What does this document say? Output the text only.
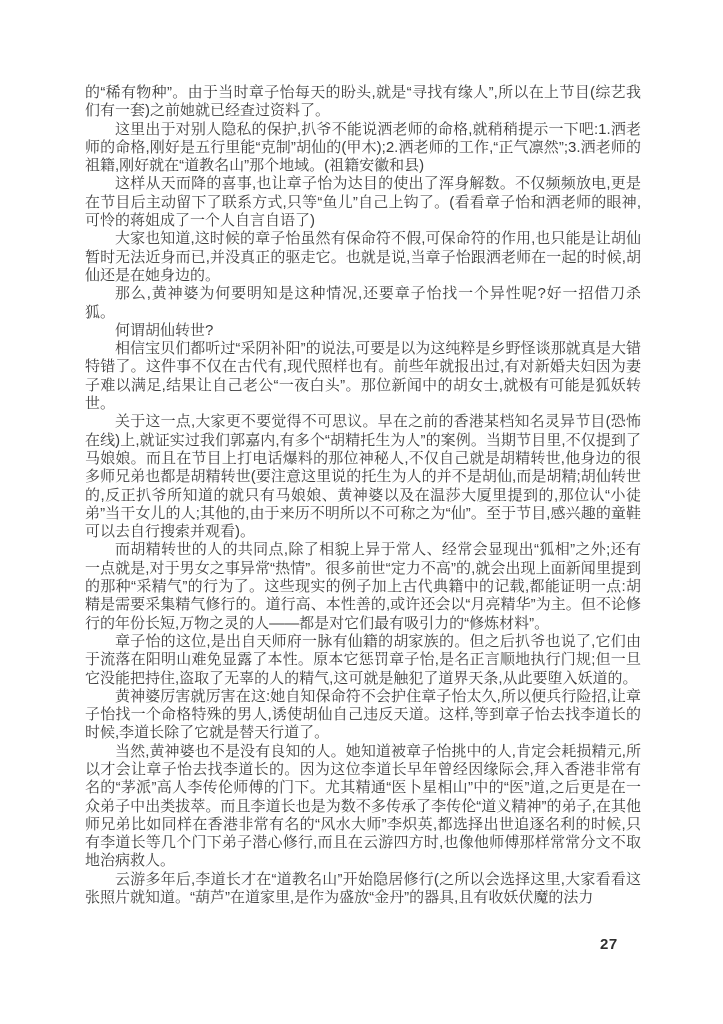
的“稀有物种”。由于当时章子怡每天的盼头,就是“寻找有缘人”,所以在上节目(综艺我们有一套)之前她就已经查过资料了。

这里出于对别人隐私的保护,扒爷不能说洒老师的命格,就稍稍提示一下吧:1.洒老师的命格,刚好是五行里能“克制”胡仙的(甲木);2.洒老师的工作,“正气凛然”;3.洒老师的祖籍,刚好就在“道教名山”那个地域。(祖籍安徽和县)

这样从天而降的喜事,也让章子怡为达目的使出了浑身解数。不仅频频放电,更是在节目后主动留下了联系方式,只等“鱼儿”自己上钩了。(看看章子怡和洒老师的眼神,可怜的蒋姐成了一个人自言自语了)

大家也知道,这时候的章子怡虽然有保命符不假,可保命符的作用,也只能是让胡仙暂时无法近身而已,并没真正的驱走它。也就是说,当章子怡跟洒老师在一起的时候,胡仙还是在她身边的。

那么,黄神婆为何要明知是这种情况,还要章子怡找一个异性呢?好一招借刀杀狐。

何谓胡仙转世?

相信宝贝们都听过“采阴补阳”的说法,可要是以为这纯粹是乡野怪谈那就真是大错特错了。这件事不仅在古代有,现代照样也有。前些年就报出过,有对新婚夫妇因为妻子难以满足,结果让自己老公“一夜白头”。那位新闻中的胡女士,就极有可能是狐妖转世。

关于这一点,大家更不要觉得不可思议。早在之前的香港某档知名灵异节目(恐怖在线)上,就证实过我们郭嘉内,有多个“胡精托生为人”的案例。当期节目里,不仅提到了马娘娘。而且在节目上打电话爆料的那位神秘人,不仅自己就是胡精转世,他身边的很多师兄弟也都是胡精转世(要注意这里说的托生为人的并不是胡仙,而是胡精;胡仙转世的,反正扒爷所知道的就只有马娘娘、黄神婆以及在温莎大厦里提到的,那位认“小徒弟”当干女儿的人;其他的,由于来历不明所以不可称之为“仙”。至于节目,感兴趣的童鞋可以去自行搜索并观看)。

而胡精转世的人的共同点,除了相貌上异于常人、经常会显现出“狐相”之外;还有一点就是,对于男女之事异常“热情”。很多前世“定力不高”的,就会出现上面新闻里提到的那种“采精气”的行为了。这些现实的例子加上古代典籍中的记载,都能证明一点:胡精是需要采集精气修行的。道行高、本性善的,或许还会以“月亮精华”为主。但不论修行的年份长短,万物之灵的人——都是对它们最有吸引力的“修炼材料”。

章子怡的这位,是出自天师府一脉有仙籍的胡家族的。但之后扒爷也说了,它们由于流落在阳明山难免显露了本性。原本它惩罚章子怡,是名正言顺地执行门规;但一旦它没能把持住,盗取了无辜的人的精气,这可就是触犯了道界天条,从此要堕入妖道的。

黄神婆厉害就厉害在这:她自知保命符不会护住章子怡太久,所以便兵行险招,让章子怡找一个命格特殊的男人,诱使胡仙自己违反天道。这样,等到章子怡去找李道长的时候,李道长除了它就是替天行道了。

当然,黄神婆也不是没有良知的人。她知道被章子怡挑中的人,肯定会耗损精元,所以才会让章子怡去找李道长的。因为这位李道长早年曾经因缘际会,拜入香港非常有名的“茅派”高人李传伦师傅的门下。尤其精通“医卜星相山”中的“医”道,之后更是在一众弟子中出类拔萃。而且李道长也是为数不多传承了李传伦“道义精神”的弟子,在其他师兄弟比如同样在香港非常有名的“风水大师”李炽英,都选择出世追逐名利的时候,只有李道长等几个门下弟子潜心修行,而且在云游四方时,也像他师傅那样常常分文不取地治病救人。

云游多年后,李道长才在“道教名山”开始隐居修行(之所以会选择这里,大家看看这张照片就知道。“葫芦”在道家里,是作为盛放“金丹”的器具,且有收妖伏魔的法力

27
